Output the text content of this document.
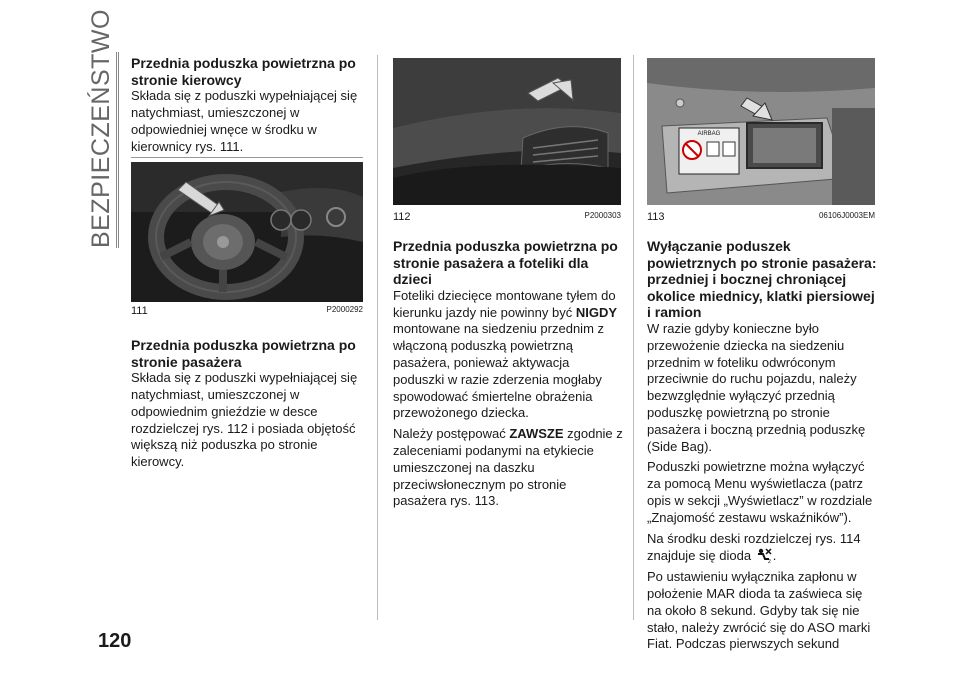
BEZPIECZEŃSTWO
120
Przednia poduszka powietrzna po stronie kierowcy

Składa się z poduszki wypełniającej się natychmiast, umieszczonej w odpowiedniej wnęce w środku w kierownicy rys. 111.

111	P2000292
Przednia poduszka powietrzna po stronie pasażera

Składa się z poduszki wypełniającej się natychmiast, umieszczonej w odpowiednim gnieździe w desce rozdzielczej rys. 112 i posiada objętość większą niż poduszka po stronie kierowcy.

112	P2000303
Przednia poduszka powietrzna po stronie pasażera a foteliki dla dzieci

Foteliki dziecięce montowane tyłem do kierunku jazdy nie powinny być NIGDY montowane na siedzeniu przednim z włączoną poduszką powietrzną pasażera, ponieważ aktywacja poduszki w razie zderzenia mogłaby spowodować śmiertelne obrażenia przewożonego dziecka.

Należy postępować ZAWSZE zgodnie z zaleceniami podanymi na etykiecie umieszczonej na daszku przeciwsłonecznym po stronie pasażera rys. 113.

AIRBAG
113	06106J0003EM
Wyłączanie poduszek powietrznych po stronie pasażera: przedniej i bocznej chroniącej okolice miednicy, klatki piersiowej i ramion

W razie gdyby konieczne było przewożenie dziecka na siedzeniu przednim w foteliku odwróconym przeciwnie do ruchu pojazdu, należy bezwzględnie wyłączyć przednią poduszkę powietrzną po stronie pasażera i boczną przednią poduszkę (Side Bag).

Poduszki powietrzne można wyłączyć za pomocą Menu wyświetlacza (patrz opis w sekcji „Wyświetlacz” w rozdziale „Znajomość zestawu wskaźników”).

Na środku deski rozdzielczej rys. 114 znajduje się dioda	2 .

Po ustawieniu wyłącznika zapłonu w położenie MAR dioda ta zaświeca się na około 8 sekund. Gdyby tak się nie stało, należy zwrócić się do ASO marki Fiat. Podczas pierwszych sekund
